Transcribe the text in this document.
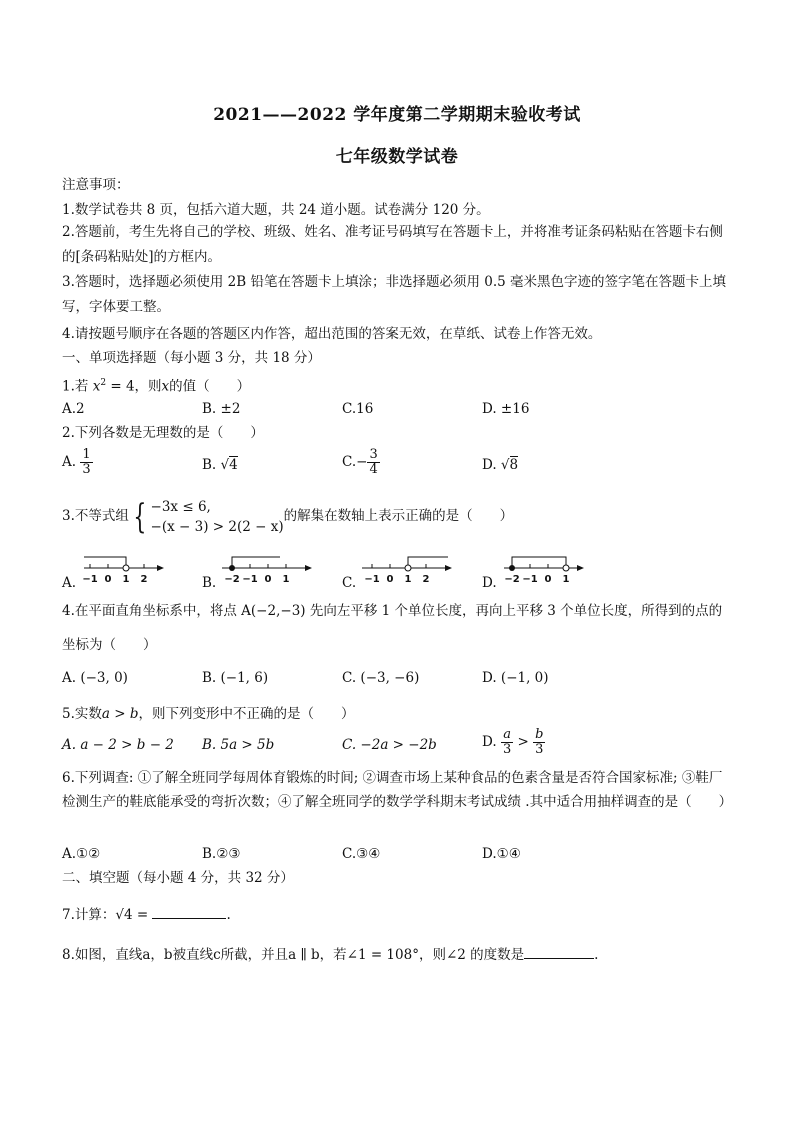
2021——2022 学年度第二学期期末验收考试
七年级数学试卷
注意事项：
1.数学试卷共 8 页，包括六道大题，共 24 道小题。试卷满分 120 分。
2.答题前，考生先将自己的学校、班级、姓名、准考证号码填写在答题卡上，并将准考证条码粘贴在答题卡右侧的[条码粘贴处]的方框内。
3.答题时，选择题必须使用 2B 铅笔在答题卡上填涂；非选择题必须用 0.5 毫米黑色字迹的签字笔在答题卡上填写，字体要工整。
4.请按题号顺序在各题的答题区内作答，超出范围的答案无效，在草纸、试卷上作答无效。
一、单项选择题（每小题 3 分，共 18 分）
1.若 $x^2 = 4$，则x的值（　　）
A.2	B. ±2	C.16	D. ±16
2.下列各数是无理数的是（　　）
A. $\frac{1}{3}$	B. √4	$C.- \frac{3}{4}$	D. √8
3.不等式组 { −3x ≤ 6,
−(x − 3) > 2(2 − x)
的解集在数轴上表示正确的是（　　）
A.	B.	C.	D.
−1 0 1 2	−2 −1 0 1	−1 0 1 2	−2 −1 0 1
4.在平面直角坐标系中，将点 A(−2,−3) 先向左平移 1 个单位长度，再向上平移 3 个单位长度，所得到的点的
坐标为（　　）
A. (−3, 0)	B. (−1, 6)	C. (−3, −6)	D. (−1, 0)
5.实数a > b，则下列变形中不正确的是（　　）
A. a − 2 > b − 2 B. 5a > 5b	C. −2a > −2b	D. $\frac{a}{3} > \frac{b}{3}$
6.下列调查: ①了解全班同学每周体育锻炼的时间; ②调查市场上某种食品的色素含量是否符合国家标准; ③鞋厂检测生产的鞋底能承受的弯折次数；④了解全班同学的数学学科期末考试成绩 .其中适合用抽样调查的是（　　）
A.①②	B.②③	C.③④	D.①④
二、填空题（每小题 4 分，共 32 分）
7.计算：√4 =	.
8.如图，直线a，b被直线c所截，并且a ∥ b，若∠1 = 108°，则∠2 的度数是	.
